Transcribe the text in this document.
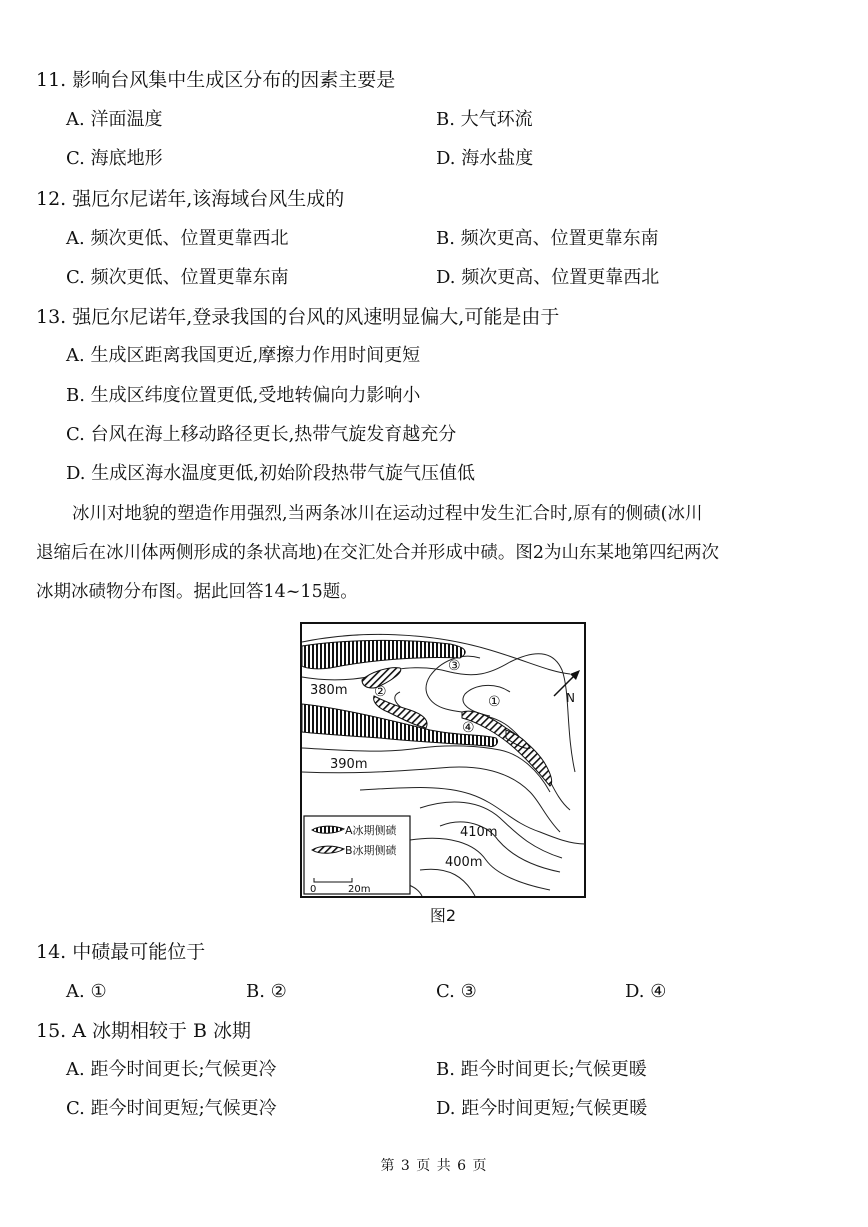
11. 影响台风集中生成区分布的因素主要是
A. 洋面温度	B. 大气环流
C. 海底地形	D. 海水盐度
12. 强厄尔尼诺年,该海域台风生成的
A. 频次更低、位置更靠西北	B. 频次更高、位置更靠东南
C. 频次更低、位置更靠东南	D. 频次更高、位置更靠西北
13. 强厄尔尼诺年,登录我国的台风的风速明显偏大,可能是由于
A. 生成区距离我国更近,摩擦力作用时间更短
B. 生成区纬度位置更低,受地转偏向力影响小
C. 台风在海上移动路径更长,热带气旋发育越充分
D. 生成区海水温度更低,初始阶段热带气旋气压值低
冰川对地貌的塑造作用强烈,当两条冰川在运动过程中发生汇合时,原有的侧碛(冰川
退缩后在冰川体两侧形成的条状高地)在交汇处合并形成中碛。图2为山东某地第四纪两次
冰期冰碛物分布图。据此回答14~15题。
380m
390m
410m
400m
①
②
③
④
N
A冰期侧碛
B冰期侧碛
0	20m
图2
14. 中碛最可能位于
A. ①	B. ②	C. ③	D. ④
15. A 冰期相较于 B 冰期
A. 距今时间更长;气候更冷	B. 距今时间更长;气候更暖
C. 距今时间更短;气候更冷	D. 距今时间更短;气候更暖
第 3 页 共 6 页
